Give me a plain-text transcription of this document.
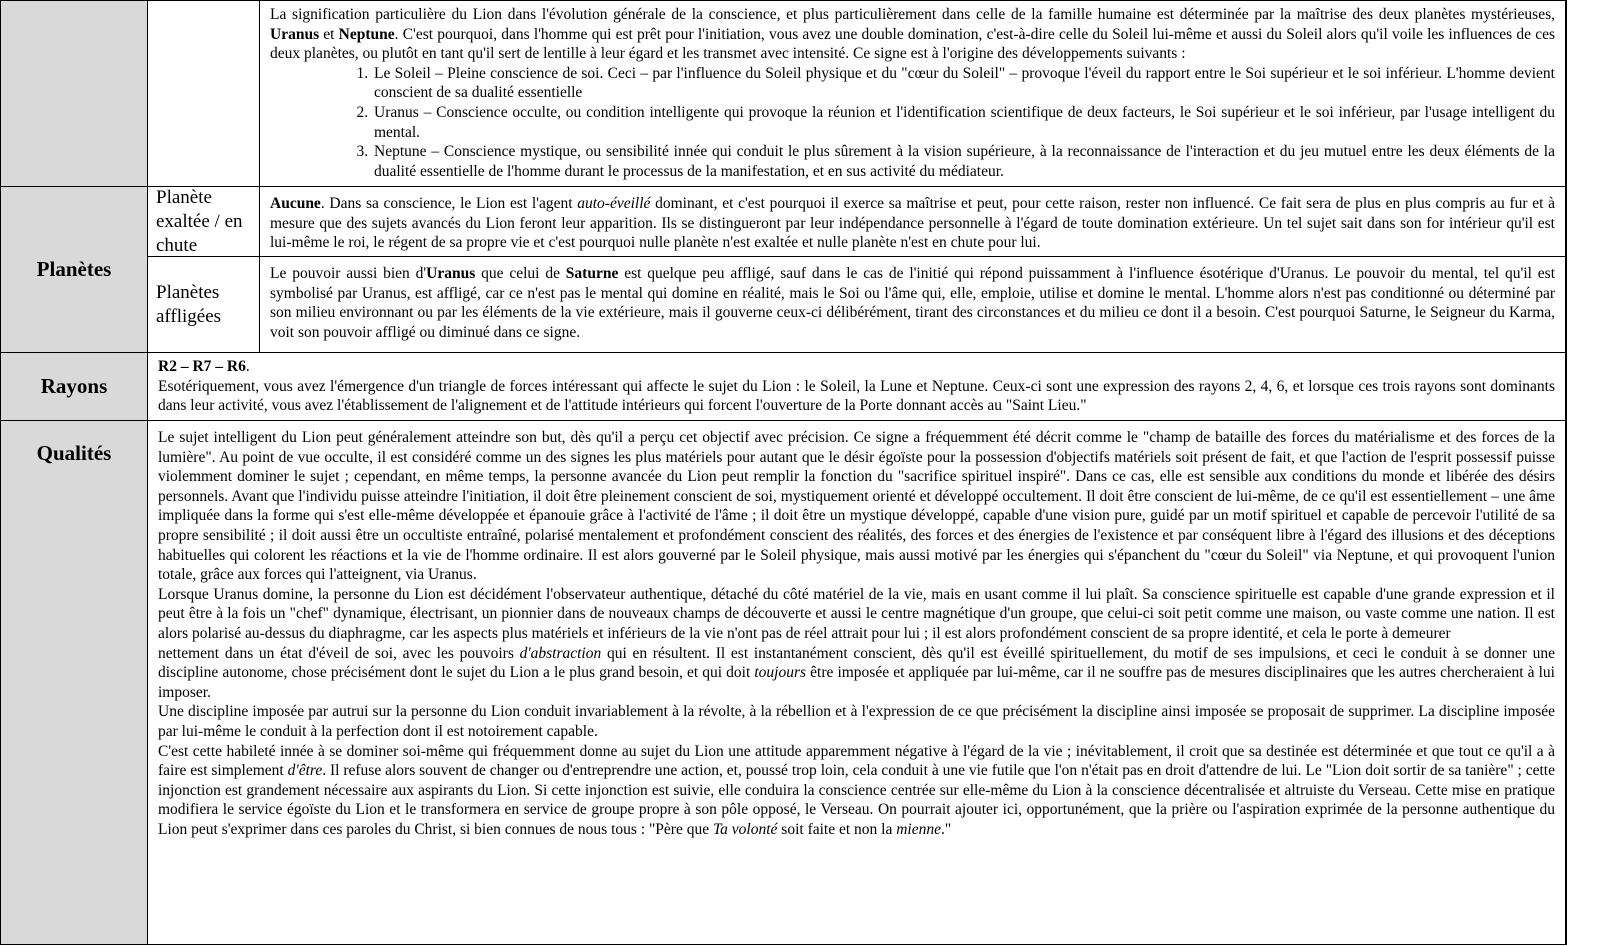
La signification particulière du Lion dans l'évolution générale de la conscience, et plus particulièrement dans celle de la famille humaine est déterminée par la maîtrise des deux planètes mystérieuses, Uranus et Neptune. C'est pourquoi, dans l'homme qui est prêt pour l'initiation, vous avez une double domination, c'est-à-dire celle du Soleil lui-même et aussi du Soleil alors qu'il voile les influences de ces deux planètes, ou plutôt en tant qu'il sert de lentille à leur égard et les transmet avec intensité. Ce signe est à l'origine des développements suivants :

1. Le Soleil – Pleine conscience de soi. Ceci – par l'influence du Soleil physique et du "cœur du Soleil" – provoque l'éveil du rapport entre le Soi supérieur et le soi inférieur. L'homme devient conscient de sa dualité essentielle
2. Uranus – Conscience occulte, ou condition intelligente qui provoque la réunion et l'identification scientifique de deux facteurs, le Soi supérieur et le soi inférieur, par l'usage intelligent du mental.
3. Neptune – Conscience mystique, ou sensibilité innée qui conduit le plus sûrement à la vision supérieure, à la reconnaissance de l'interaction et du jeu mutuel entre les deux éléments de la dualité essentielle de l'homme durant le processus de la manifestation, et en sus activité du médiateur.
Planètes
Planète exaltée / en chute

Aucune. Dans sa conscience, le Lion est l'agent auto-éveillé dominant, et c'est pourquoi il exerce sa maîtrise et peut, pour cette raison, rester non influencé. Ce fait sera de plus en plus compris au fur et à mesure que des sujets avancés du Lion feront leur apparition. Ils se distingueront par leur indépendance personnelle à l'égard de toute domination extérieure. Un tel sujet sait dans son for intérieur qu'il est lui-même le roi, le régent de sa propre vie et c'est pourquoi nulle planète n'est exaltée et nulle planète n'est en chute pour lui.

Planètes affligées

Le pouvoir aussi bien d'Uranus que celui de Saturne est quelque peu affligé, sauf dans le cas de l'initié qui répond puissamment à l'influence ésotérique d'Uranus. Le pouvoir du mental, tel qu'il est symbolisé par Uranus, est affligé, car ce n'est pas le mental qui domine en réalité, mais le Soi ou l'âme qui, elle, emploie, utilise et domine le mental. L'homme alors n'est pas conditionné ou déterminé par son milieu environnant ou par les éléments de la vie extérieure, mais il gouverne ceux-ci délibérément, tirant des circonstances et du milieu ce dont il a besoin. C'est pourquoi Saturne, le Seigneur du Karma, voit son pouvoir affligé ou diminué dans ce signe.

Rayons

R2 – R7 – R6.

Esotériquement, vous avez l'émergence d'un triangle de forces intéressant qui affecte le sujet du Lion : le Soleil, la Lune et Neptune. Ceux-ci sont une expression des rayons 2, 4, 6, et lorsque ces trois rayons sont dominants dans leur activité, vous avez l'établissement de l'alignement et de l'attitude intérieurs qui forcent l'ouverture de la Porte donnant accès au "Saint Lieu."

Qualités

Le sujet intelligent du Lion peut généralement atteindre son but, dès qu'il a perçu cet objectif avec précision. Ce signe a fréquemment été décrit comme le "champ de bataille des forces du matérialisme et des forces de la lumière". Au point de vue occulte, il est considéré comme un des signes les plus matériels pour autant que le désir égoïste pour la possession d'objectifs matériels soit présent de fait, et que l'action de l'esprit possessif puisse violemment dominer le sujet ; cependant, en même temps, la personne avancée du Lion peut remplir la fonction du "sacrifice spirituel inspiré". Dans ce cas, elle est sensible aux conditions du monde et libérée des désirs personnels. Avant que l'individu puisse atteindre l'initiation, il doit être pleinement conscient de soi, mystiquement orienté et développé occultement. Il doit être conscient de lui-même, de ce qu'il est essentiellement – une âme impliquée dans la forme qui s'est elle-même développée et épanouie grâce à l'activité de l'âme ; il doit être un mystique développé, capable d'une vision pure, guidé par un motif spirituel et capable de percevoir l'utilité de sa propre sensibilité ; il doit aussi être un occultiste entraîné, polarisé mentalement et profondément conscient des réalités, des forces et des énergies de l'existence et par conséquent libre à l'égard des illusions et des déceptions habituelles qui colorent les réactions et la vie de l'homme ordinaire. Il est alors gouverné par le Soleil physique, mais aussi motivé par les énergies qui s'épanchent du "cœur du Soleil" via Neptune, et qui provoquent l'union totale, grâce aux forces qui l'atteignent, via Uranus.

Lorsque Uranus domine, la personne du Lion est décidément l'observateur authentique, détaché du côté matériel de la vie, mais en usant comme il lui plaît. Sa conscience spirituelle est capable d'une grande expression et il peut être à la fois un "chef" dynamique, électrisant, un pionnier dans de nouveaux champs de découverte et aussi le centre magnétique d'un groupe, que celui-ci soit petit comme une maison, ou vaste comme une nation. Il est alors polarisé au-dessus du diaphragme, car les aspects plus matériels et inférieurs de la vie n'ont pas de réel attrait pour lui ; il est alors profondément conscient de sa propre identité, et cela le porte à demeurer

nettement dans un état d'éveil de soi, avec les pouvoirs d'abstraction qui en résultent. Il est instantanément conscient, dès qu'il est éveillé spirituellement, du motif de ses impulsions, et ceci le conduit à se donner une discipline autonome, chose précisément dont le sujet du Lion a le plus grand besoin, et qui doit toujours être imposée et appliquée par lui-même, car il ne souffre pas de mesures disciplinaires que les autres chercheraient à lui imposer.

Une discipline imposée par autrui sur la personne du Lion conduit invariablement à la révolte, à la rébellion et à l'expression de ce que précisément la discipline ainsi imposée se proposait de supprimer. La discipline imposée par lui-même le conduit à la perfection dont il est notoirement capable.

C'est cette habileté innée à se dominer soi-même qui fréquemment donne au sujet du Lion une attitude apparemment négative à l'égard de la vie ; inévitablement, il croit que sa destinée est déterminée et que tout ce qu'il a à faire est simplement d'être. Il refuse alors souvent de changer ou d'entreprendre une action, et, poussé trop loin, cela conduit à une vie futile que l'on n'était pas en droit d'attendre de lui. Le "Lion doit sortir de sa tanière" ; cette injonction est grandement nécessaire aux aspirants du Lion. Si cette injonction est suivie, elle conduira la conscience centrée sur elle-même du Lion à la conscience décentralisée et altruiste du Verseau. Cette mise en pratique modifiera le service égoïste du Lion et le transformera en service de groupe propre à son pôle opposé, le Verseau. On pourrait ajouter ici, opportunément, que la prière ou l'aspiration exprimée de la personne authentique du Lion peut s'exprimer dans ces paroles du Christ, si bien connues de nous tous : "Père que Ta volonté soit faite et non la mienne."
